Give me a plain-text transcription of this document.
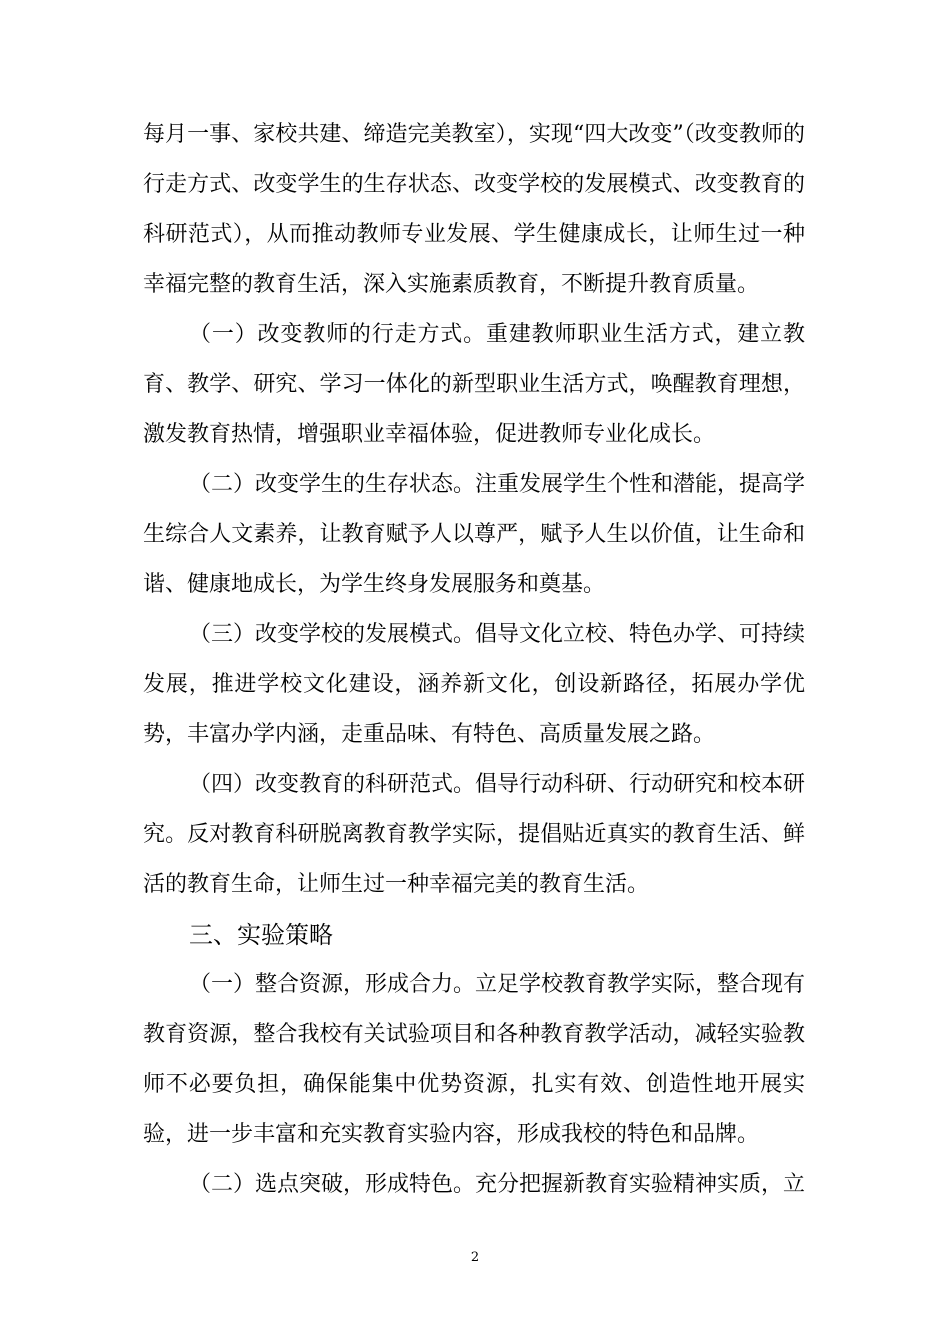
每月一事、家校共建、缔造完美教室），实现“四大改变”（改变教师的行走方式、改变学生的生存状态、改变学校的发展模式、改变教育的科研范式），从而推动教师专业发展、学生健康成长，让师生过一种幸福完整的教育生活，深入实施素质教育，不断提升教育质量。

（一）改变教师的行走方式。重建教师职业生活方式，建立教育、教学、研究、学习一体化的新型职业生活方式，唤醒教育理想，激发教育热情，增强职业幸福体验，促进教师专业化成长。

（二）改变学生的生存状态。注重发展学生个性和潜能，提高学生综合人文素养，让教育赋予人以尊严，赋予人生以价值，让生命和谐、健康地成长，为学生终身发展服务和奠基。

（三）改变学校的发展模式。倡导文化立校、特色办学、可持续发展，推进学校文化建设，涵养新文化，创设新路径，拓展办学优势，丰富办学内涵，走重品味、有特色、高质量发展之路。

（四）改变教育的科研范式。倡导行动科研、行动研究和校本研究。反对教育科研脱离教育教学实际，提倡贴近真实的教育生活、鲜活的教育生命，让师生过一种幸福完美的教育生活。

三、实验策略

（一）整合资源，形成合力。立足学校教育教学实际，整合现有教育资源，整合我校有关试验项目和各种教育教学活动，减轻实验教师不必要负担，确保能集中优势资源，扎实有效、创造性地开展实验，进一步丰富和充实教育实验内容，形成我校的特色和品牌。

（二）选点突破，形成特色。充分把握新教育实验精神实质，立

2
